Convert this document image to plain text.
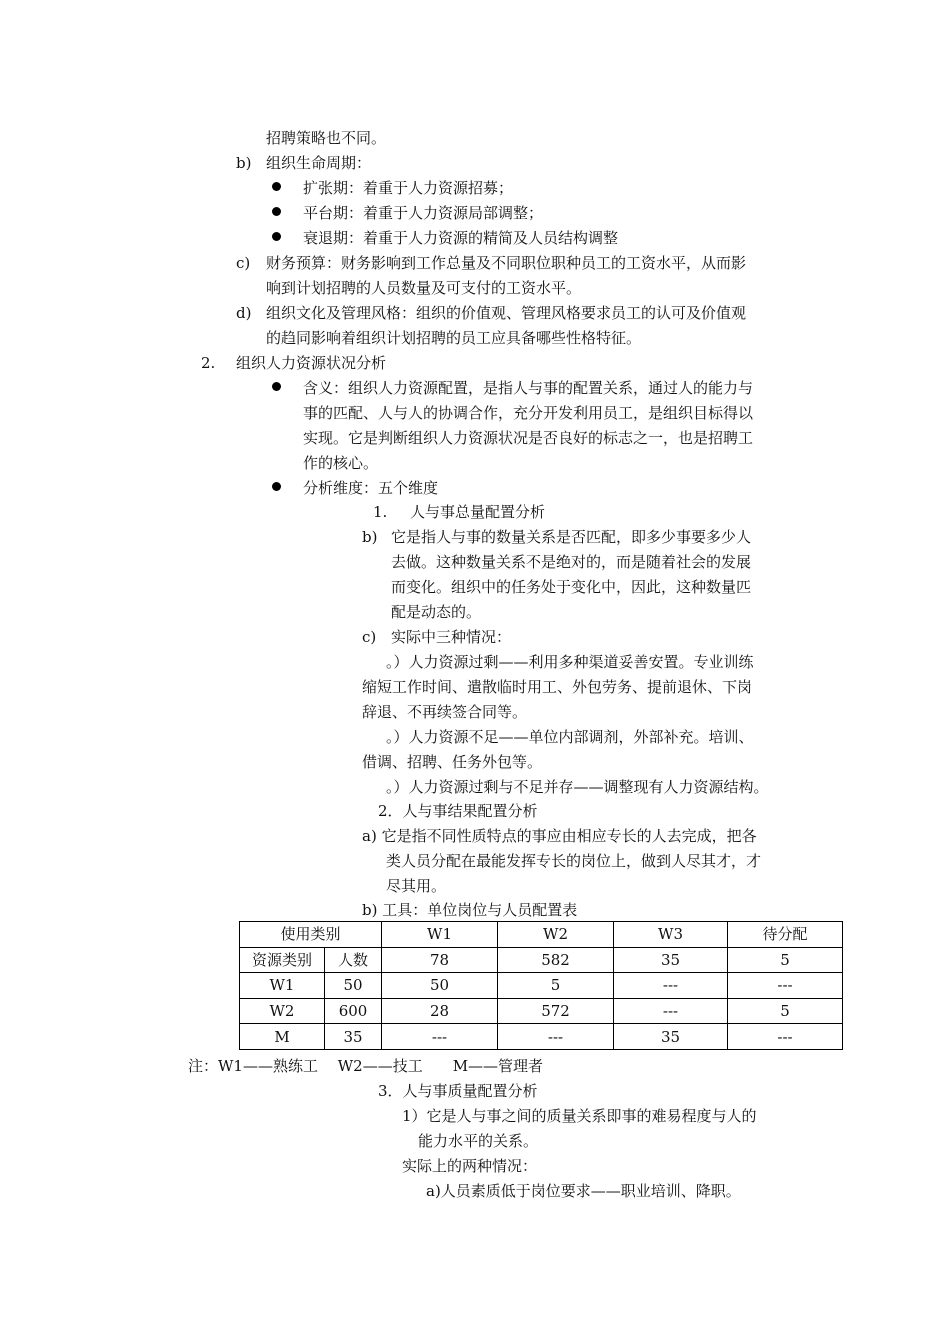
招聘策略也不同。
b) 组织生命周期：
扩张期：着重于人力资源招募；
平台期：着重于人力资源局部调整；
衰退期：着重于人力资源的精简及人员结构调整
c) 财务预算：财务影响到工作总量及不同职位职种员工的工资水平，从而影
响到计划招聘的人员数量及可支付的工资水平。
d) 组织文化及管理风格：组织的价值观、管理风格要求员工的认可及价值观
的趋同影响着组织计划招聘的员工应具备哪些性格特征。
2. 组织人力资源状况分析
含义：组织人力资源配置，是指人与事的配置关系，通过人的能力与
事的匹配、人与人的协调合作，充分开发利用员工，是组织目标得以
实现。它是判断组织人力资源状况是否良好的标志之一，也是招聘工
作的核心。
分析维度：五个维度
1. 人与事总量配置分析
b) 它是指人与事的数量关系是否匹配，即多少事要多少人
去做。这种数量关系不是绝对的，而是随着社会的发展
而变化。组织中的任务处于变化中，因此，这种数量匹
配是动态的。
c) 实际中三种情况：
。）人力资源过剩——利用多种渠道妥善安置。专业训练
缩短工作时间、遣散临时用工、外包劳务、提前退休、下岗
辞退、不再续签合同等。
。）人力资源不足——单位内部调剂，外部补充。培训、
借调、招聘、任务外包等。
。）人力资源过剩与不足并存——调整现有人力资源结构。
2．人与事结果配置分析
a) 它是指不同性质特点的事应由相应专长的人去完成，把各
类人员分配在最能发挥专长的岗位上，做到人尽其才，才
尽其用。
b) 工具：单位岗位与人员配置表
使用类别		W1	W2	W3	待分配
资源类别	人数	78	582	35	5
W1	50	50	5	---	---
W2	600	28	572	---	5
M	35	---	---	35	---
注：W1——熟练工　 W2——技工　　M——管理者
3．人与事质量配置分析
1）它是人与事之间的质量关系即事的难易程度与人的
能力水平的关系。
实际上的两种情况：
a)人员素质低于岗位要求——职业培训、降职。
